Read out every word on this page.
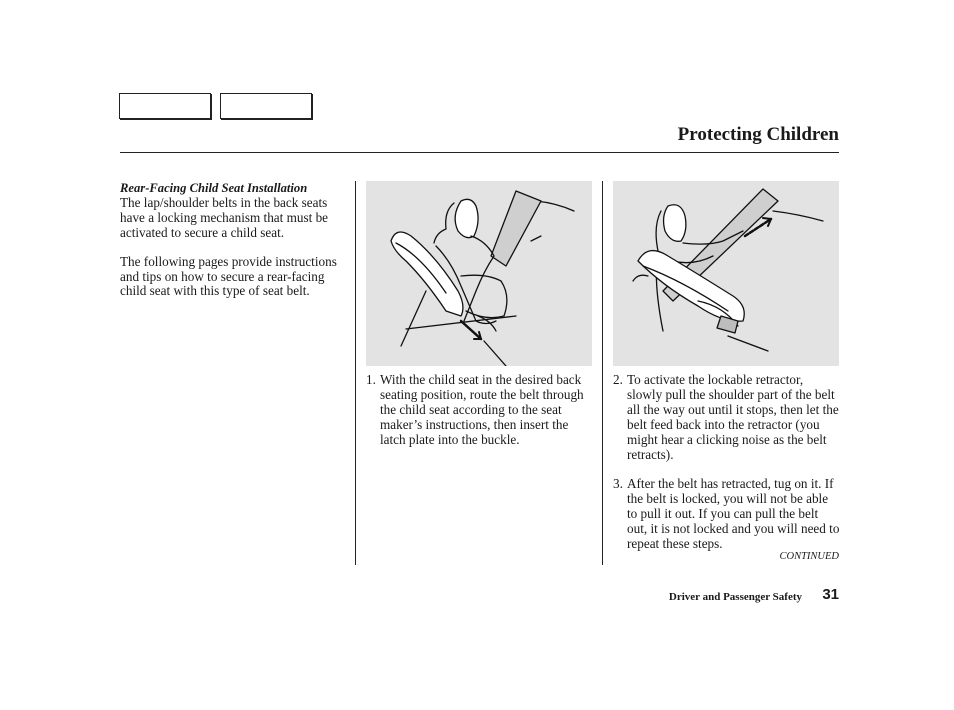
Protecting Children
Rear-Facing Child Seat Installation

The lap/shoulder belts in the back seats have a locking mechanism that must be activated to secure a child seat.

The following pages provide instructions and tips on how to secure a rear-facing child seat with this type of seat belt.

1. With the child seat in the desired back seating position, route the belt through the child seat according to the seat maker’s instructions, then insert the latch plate into the buckle.
2. To activate the lockable retractor, slowly pull the shoulder part of the belt all the way out until it stops, then let the belt feed back into the retractor (you might hear a clicking noise as the belt retracts).
3. After the belt has retracted, tug on it. If the belt is locked, you will not be able to pull it out. If you can pull the belt out, it is not locked and you will need to repeat these steps.
CONTINUED
Driver and Passenger Safety 31
